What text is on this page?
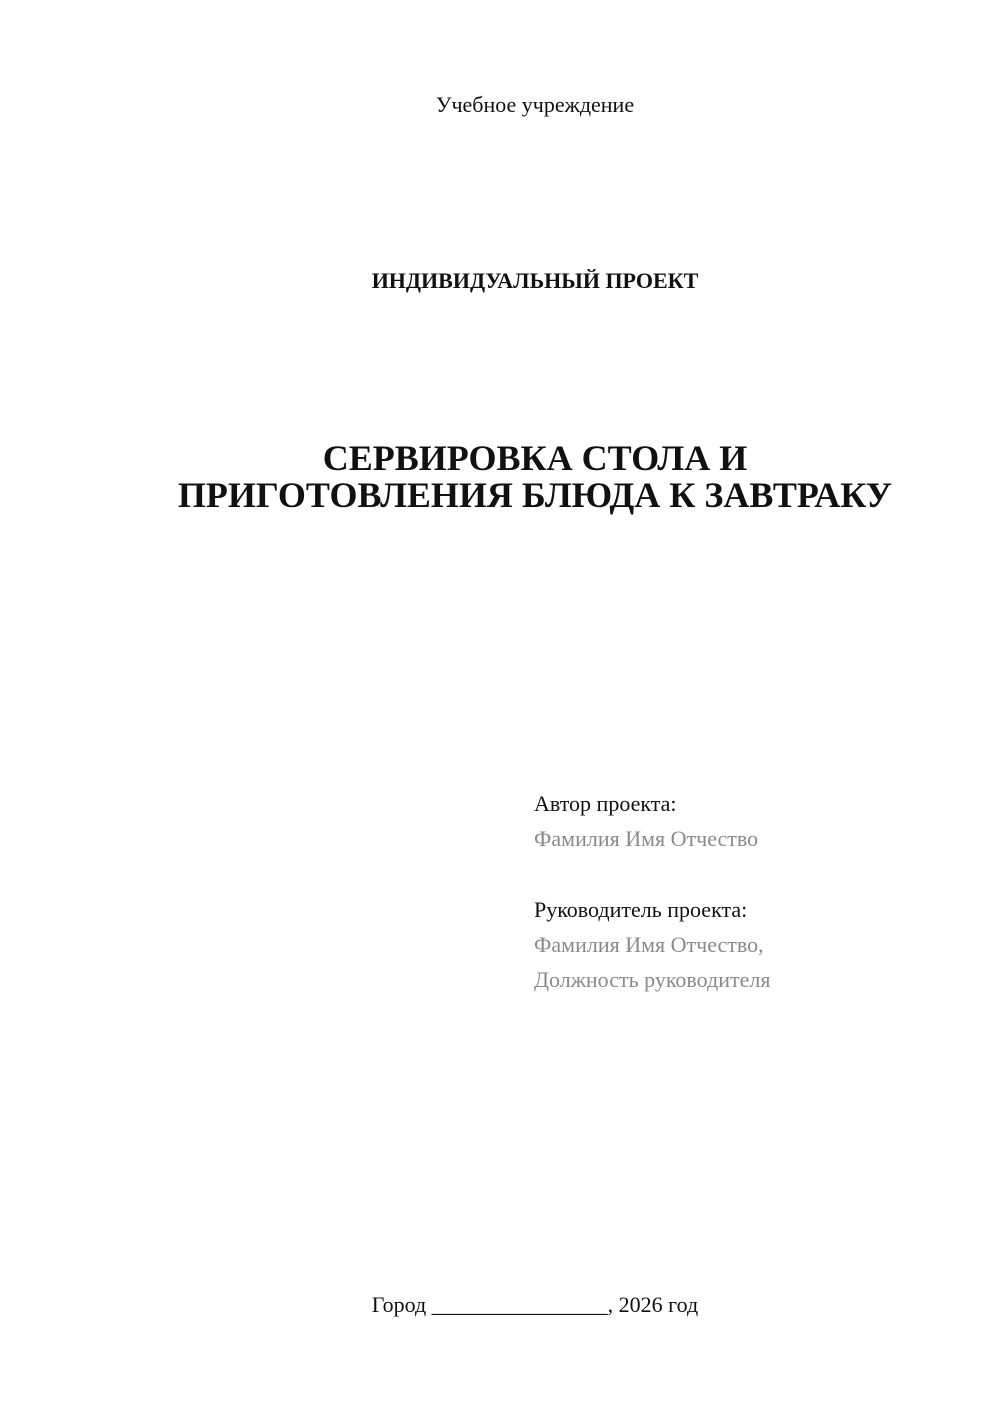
Учебное учреждение
ИНДИВИДУАЛЬНЫЙ ПРОЕКТ
СЕРВИРОВКА СТОЛА И
ПРИГОТОВЛЕНИЯ БЛЮДА К ЗАВТРАКУ
Автор проекта:
Фамилия Имя Отчество
Руководитель проекта:
Фамилия Имя Отчество,
Должность руководителя
Город ________________, 2026 год
